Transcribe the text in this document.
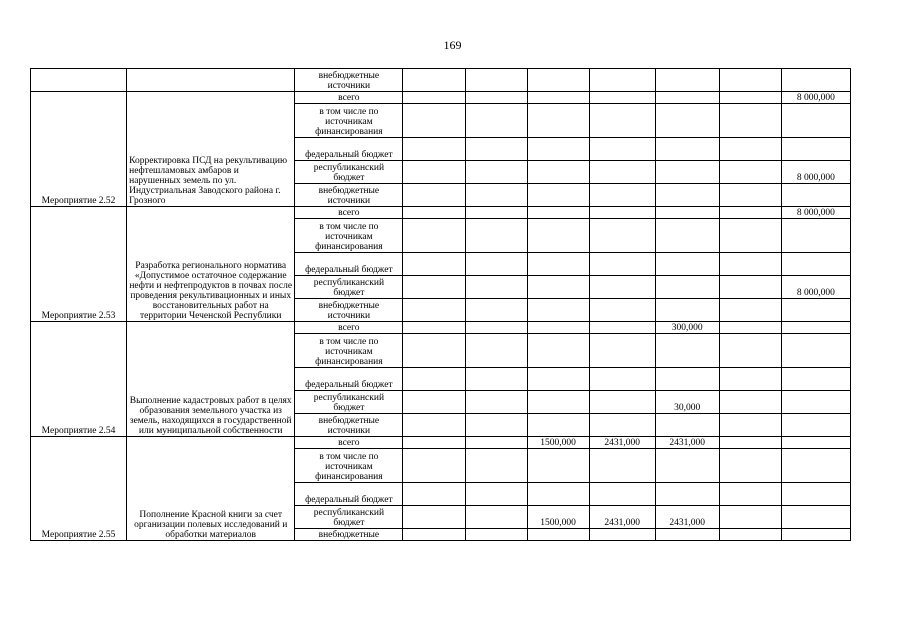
169
		внебюджетные источники							
Мероприятие 2.52	Корректировка ПСД на рекультивацию нефтешламовых амбаров и нарушенных земель по ул. Индустриальная Заводского района г. Грозного	всего							8 000,000
		в том числе по источникам финансирования							
		федеральный бюджет							
		республиканский бюджет							8 000,000
		внебюджетные источники							
Мероприятие 2.53	Разработка регионального норматива «Допустимое остаточное содержание нефти и нефтепродуктов в почвах после проведения рекультивационных и иных восстановительных работ на территории Чеченской Республики	всего							8 000,000
		в том числе по источникам финансирования							
		федеральный бюджет							
		республиканский бюджет							8 000,000
		внебюджетные источники							
Мероприятие 2.54	Выполнение кадастровых работ в целях образования земельного участка из земель, находящихся в государственной или муниципальной собственности	всего					300,000		
		в том числе по источникам финансирования							
		федеральный бюджет							
		республиканский бюджет					30,000		
		внебюджетные источники							
Мероприятие 2.55	Пополнение Красной книги за счет организации полевых исследований и обработки материалов	всего			1500,000	2431,000	2431,000		
		в том числе по источникам финансирования							
		федеральный бюджет							
		республиканский бюджет			1500,000	2431,000	2431,000		
		внебюджетные							
